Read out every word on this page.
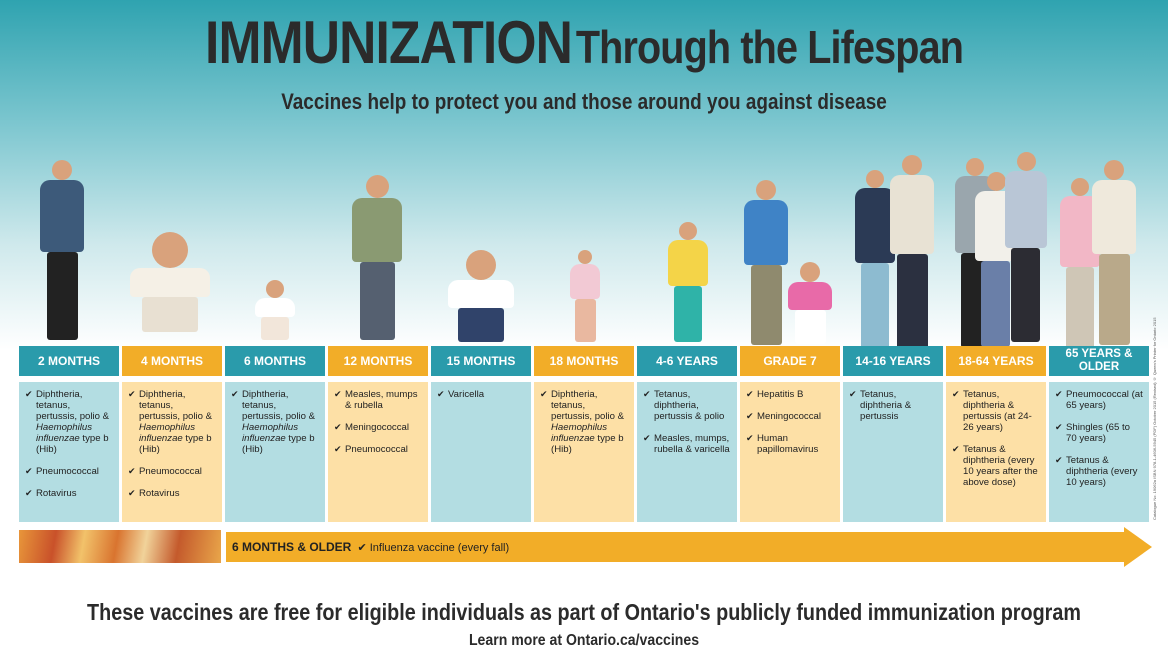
IMMUNIZATION Through the Lifespan
Vaccines help to protect you and those around you against disease
2 MONTHS
✔ Diphtheria, tetanus, pertussis, polio & Haemophilus influenzae type b (Hib)
✔ Pneumococcal
✔ Rotavirus
4 MONTHS
✔ Diphtheria, tetanus, pertussis, polio & Haemophilus influenzae type b (Hib)
✔ Pneumococcal
✔ Rotavirus
6 MONTHS
✔ Diphtheria, tetanus, pertussis, polio & Haemophilus influenzae type b (Hib)
12 MONTHS
✔ Measles, mumps & rubella
✔ Meningococcal
✔ Pneumococcal
15 MONTHS
✔ Varicella
18 MONTHS
✔ Diphtheria, tetanus, pertussis, polio & Haemophilus influenzae type b (Hib)
4-6 YEARS
✔ Tetanus, diphtheria, pertussis & polio
✔ Measles, mumps, rubella & varicella
GRADE 7
✔ Hepatitis B
✔ Meningococcal
✔ Human papillomavirus
14-16 YEARS
✔ Tetanus, diphtheria & pertussis
18-64 YEARS
✔ Tetanus, diphtheria & pertussis (at 24-26 years)
✔ Tetanus & diphtheria (every 10 years after the above dose)
65 YEARS &
OLDER
✔ Pneumococcal (at 65 years)
✔ Shingles (65 to 70 years)
✔ Tetanus & diphtheria (every 10 years)
6 MONTHS & OLDER  ✔ Influenza vaccine (every fall)
These vaccines are free for eligible individuals as part of Ontario's publicly funded immunization program
Learn more at Ontario.ca/vaccines
Catalogue No. 19062a ISBN 978-1-4606-5945 (PDF) October 2015 (Revised) © Queen's Printer for Ontario 2015
